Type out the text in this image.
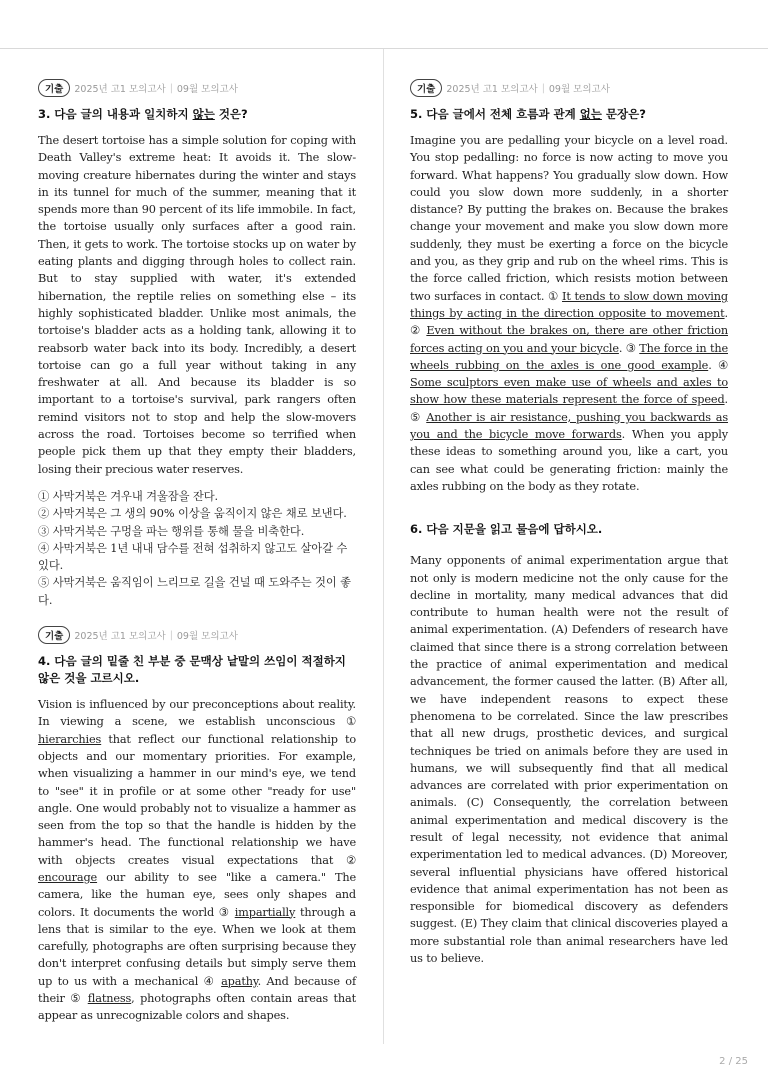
기출	2025년 고1 모의고사 | 09월 모의고사
3. 다음 글의 내용과 일치하지 않는 것은?
The desert tortoise has a simple solution for coping with Death Valley's extreme heat: It avoids it. The slow-moving creature hibernates during the winter and stays in its tunnel for much of the summer, meaning that it spends more than 90 percent of its life immobile. In fact, the tortoise usually only surfaces after a good rain. Then, it gets to work. The tortoise stocks up on water by eating plants and digging through holes to collect rain. But to stay supplied with water, it's extended hibernation, the reptile relies on something else – its highly sophisticated bladder. Unlike most animals, the tortoise's bladder acts as a holding tank, allowing it to reabsorb water back into its body. Incredibly, a desert tortoise can go a full year without taking in any freshwater at all. And because its bladder is so important to a tortoise's survival, park rangers often remind visitors not to stop and help the slow-movers across the road. Tortoises become so terrified when people pick them up that they empty their bladders, losing their precious water reserves.
① 사막거북은 겨우내 겨울잠을 잔다.
② 사막거북은 그 생의 90% 이상을 움직이지 않은 채로 보낸다.
③ 사막거북은 구멍을 파는 행위를 통해 물을 비축한다.
④ 사막거북은 1년 내내 담수를 전혀 섭취하지 않고도 살아갈 수 있다.
⑤ 사막거북은 움직임이 느리므로 길을 건널 때 도와주는 것이 좋다.
기출	2025년 고1 모의고사 | 09월 모의고사
4. 다음 글의 밑줄 친 부분 중 문맥상 낱말의 쓰임이 적절하지 않은 것을 고르시오.
Vision is influenced by our preconceptions about reality. In viewing a scene, we establish unconscious ① hierarchies that reflect our functional relationship to objects and our momentary priorities. For example, when visualizing a hammer in our mind's eye, we tend to "see" it in profile or at some other "ready for use" angle. One would probably not to visualize a hammer as seen from the top so that the handle is hidden by the hammer's head. The functional relationship we have with objects creates visual expectations that ② encourage our ability to see "like a camera." The camera, like the human eye, sees only shapes and colors. It documents the world ③ impartially through a lens that is similar to the eye. When we look at them carefully, photographs are often surprising because they don't interpret confusing details but simply serve them up to us with a mechanical ④ apathy. And because of their ⑤ flatness, photographs often contain areas that appear as unrecognizable colors and shapes.
기출	2025년 고1 모의고사 | 09월 모의고사
5. 다음 글에서 전체 흐름과 관계 없는 문장은?
Imagine you are pedalling your bicycle on a level road. You stop pedalling: no force is now acting to move you forward. What happens? You gradually slow down. How could you slow down more suddenly, in a shorter distance? By putting the brakes on. Because the brakes change your movement and make you slow down more suddenly, they must be exerting a force on the bicycle and you, as they grip and rub on the wheel rims. This is the force called friction, which resists motion between two surfaces in contact. ① It tends to slow down moving things by acting in the direction opposite to movement. ② Even without the brakes on, there are other friction forces acting on you and your bicycle. ③ The force in the wheels rubbing on the axles is one good example. ④ Some sculptors even make use of wheels and axles to show how these materials represent the force of speed. ⑤ Another is air resistance, pushing you backwards as you and the bicycle move forwards. When you apply these ideas to something around you, like a cart, you can see what could be generating friction: mainly the axles rubbing on the body as they rotate.
6. 다음 지문을 읽고 물음에 답하시오.
Many opponents of animal experimentation argue that not only is modern medicine not the only cause for the decline in mortality, many medical advances that did contribute to human health were not the result of animal experimentation. (A) Defenders of research have claimed that since there is a strong correlation between the practice of animal experimentation and medical advancement, the former caused the latter. (B) After all, we have independent reasons to expect these phenomena to be correlated. Since the law prescribes that all new drugs, prosthetic devices, and surgical techniques be tried on animals before they are used in humans, we will subsequently find that all medical advances are correlated with prior experimentation on animals. (C) Consequently, the correlation between animal experimentation and medical discovery is the result of legal necessity, not evidence that animal experimentation led to medical advances. (D) Moreover, several influential physicians have offered historical evidence that animal experimentation has not been as responsible for biomedical discovery as defenders suggest. (E) They claim that clinical discoveries played a more substantial role than animal researchers have led us to believe.
2 / 25
